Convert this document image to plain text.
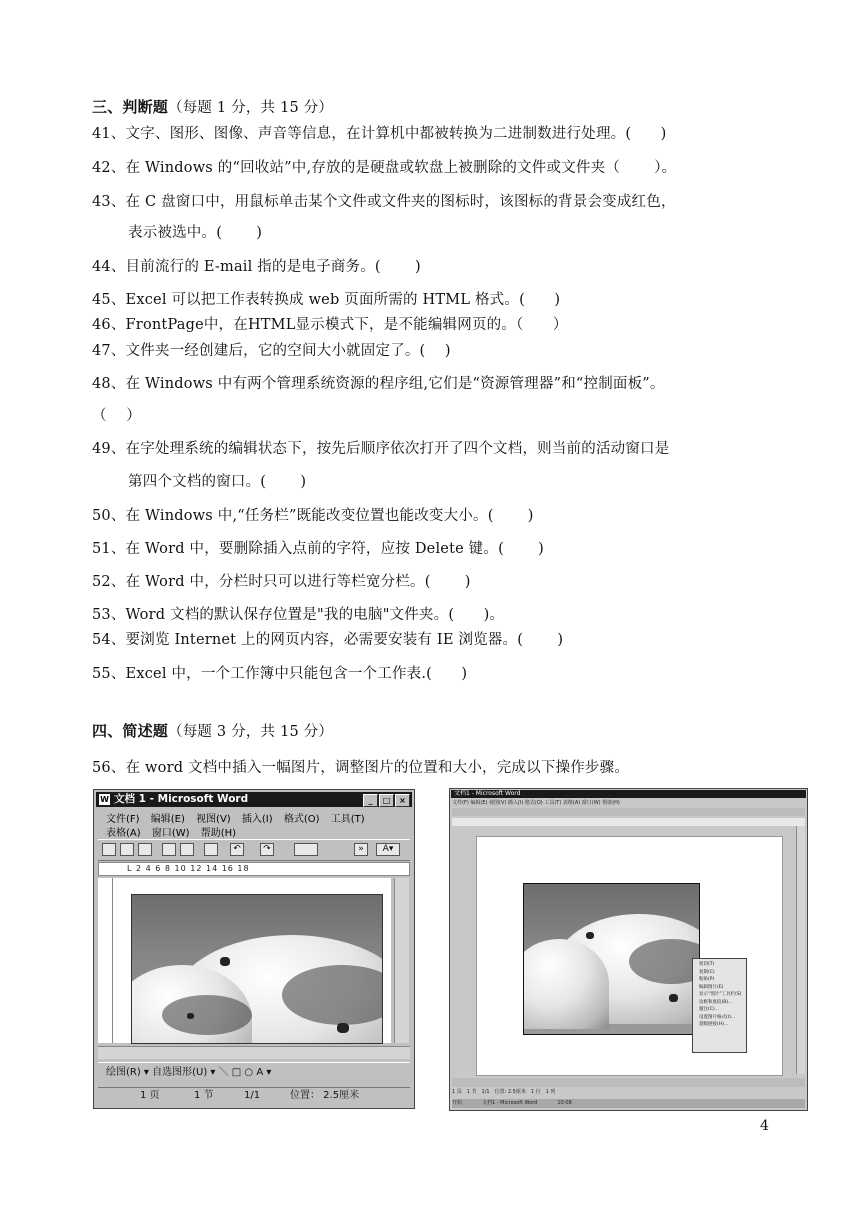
三、判断题（每题 1 分，共 15 分）
41、文字、图形、图像、声音等信息，在计算机中都被转换为二进制数进行处理。(　　)
42、在 Windows 的“回收站”中,存放的是硬盘或软盘上被删除的文件或文件夹（　　 ）。
43、在 C 盘窗口中，用鼠标单击某个文件或文件夹的图标时，该图标的背景会变成红色，
表示被选中。(　　 )
44、目前流行的 E-mail 指的是电子商务。(　　 )
45、Excel 可以把工作表转换成 web 页面所需的 HTML 格式。(　　)
46、FrontPage中，在HTML显示模式下，是不能编辑网页的。（　　）
47、文件夹一经创建后，它的空间大小就固定了。(　 )
48、在 Windows 中有两个管理系统资源的程序组,它们是“资源管理器”和“控制面板”。
（　 ）
49、在字处理系统的编辑状态下，按先后顺序依次打开了四个文档，则当前的活动窗口是
第四个文档的窗口。(　　 )
50、在 Windows 中,“任务栏”既能改变位置也能改变大小。(　　 )
51、在 Word 中，要删除插入点前的字符，应按 Delete 键。(　　 )
52、在 Word 中，分栏时只可以进行等栏宽分栏。(　　 )
53、Word 文档的默认保存位置是"我的电脑"文件夹。(　　)。
54、要浏览 Internet 上的网页内容，必需要安装有 IE 浏览器。(　　 )
55、Excel 中，一个工作簿中只能包含一个工作表.(　　)
四、简述题（每题 3 分，共 15 分）
56、在 word 文档中插入一幅图片，调整图片的位置和大小，完成以下操作步骤。
W 文档 1 - Microsoft Word	_ □ ×
文件(F) 编辑(E) 视图(V) 插入(I) 格式(O) 工具(T)
表格(A) 窗口(W) 帮助(H)
↶	↷	»	A▾
L 2 4 6 8 10 12 14 16 18
绘图(R) ▾ 自选图形(U) ▾ ＼ □ ○ A ▾
1 页	1 节	1/1	位置： 2.5厘米
文档1 - Microsoft Word
文件(F) 编辑(E) 视图(V) 插入(I) 格式(O) 工具(T) 表格(A) 窗口(W) 帮助(H)
剪切(T)
复制(C)
粘贴(P)
编辑图片(E)
显示“图片”工具栏(S)
边框和底纹(B)...
题注(C)...
设置图片格式(I)...
超级链接(H)...
1 页　1 节　1/1　位置: 2.5厘米　1 行　1 列
开始　　　　文档1 - Microsoft Word　　　　10:08
4
